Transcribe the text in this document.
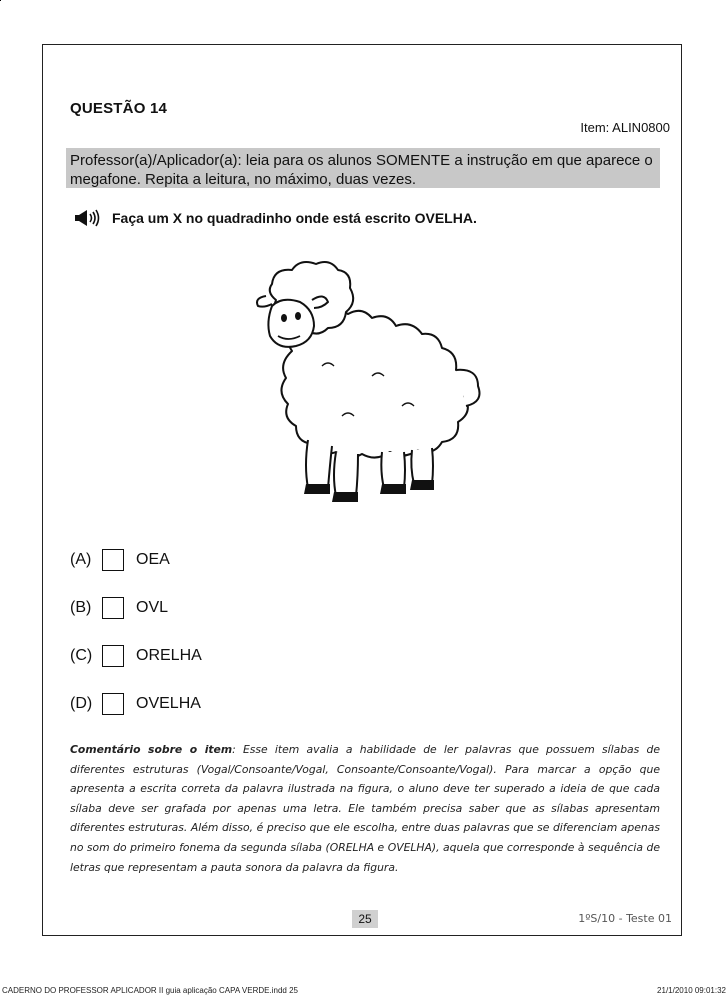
QUESTÃO 14
Item: ALIN0800
Professor(a)/Aplicador(a): leia para os alunos SOMENTE a instrução em que aparece o megafone. Repita a leitura, no máximo, duas vezes.
Faça um X no quadradinho onde está escrito OVELHA.
(A)	OEA
(B)	OVL
(C)	ORELHA
(D)	OVELHA
Comentário sobre o item: Esse item avalia a habilidade de ler palavras que possuem sílabas de diferentes estruturas (Vogal/Consoante/Vogal, Consoante/Consoante/Vogal). Para marcar a opção que apresenta a escrita correta da palavra ilustrada na figura, o aluno deve ter superado a ideia de que cada sílaba deve ser grafada por apenas uma letra. Ele também precisa saber que as sílabas apresentam diferentes estruturas. Além disso, é preciso que ele escolha, entre duas palavras que se diferenciam apenas no som do primeiro fonema da segunda sílaba (ORELHA e OVELHA), aquela que corresponde à sequência de letras que representam a pauta sonora da palavra da figura.
25	1ºS/10 - Teste 01
CADERNO DO PROFESSOR APLICADOR II guia aplicação CAPA VERDE.indd 25	21/1/2010 09:01:32
